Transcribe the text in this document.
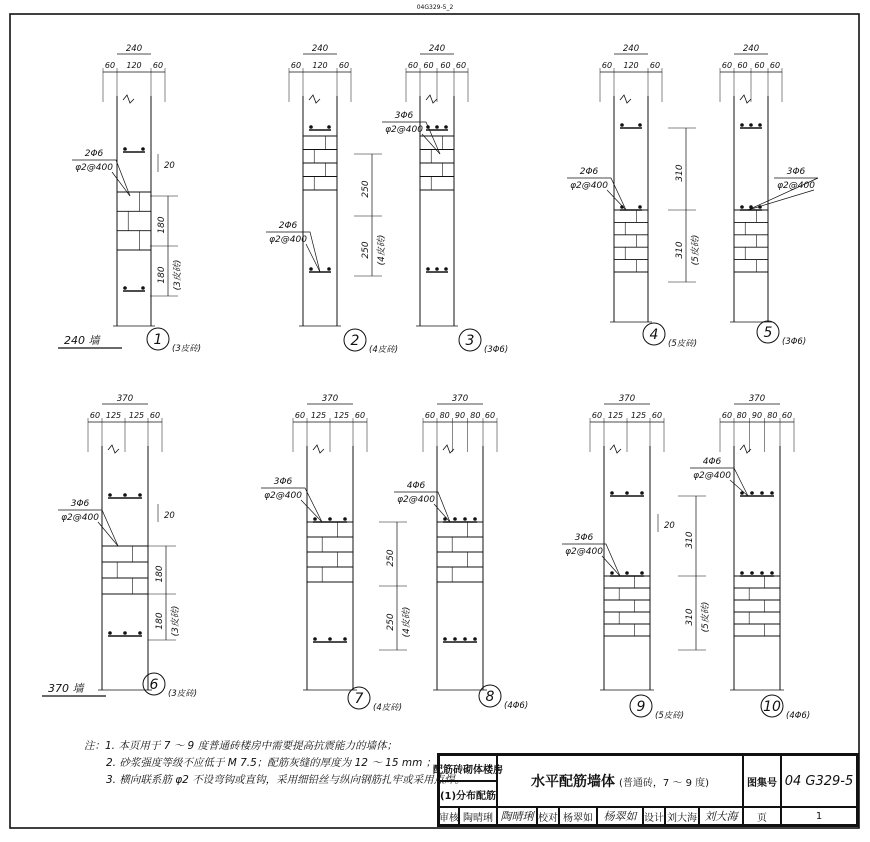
04G329-5_2
240
60 120 60
2Φ6
φ2@400
180
180 (3皮砖)
20
240 墙	1
(3皮砖)
240
60 120 60
2Φ6
φ2@400
250
250 (4皮砖)
2
(4皮砖)
240
60 60 60 60
3Φ6
φ2@400
3
(3Φ6)
240
60 120 60
2Φ6
φ2@400
310
310 (5皮砖)
4
(5皮砖)
240
60 60 60 60
3Φ6
φ2@400
5
(3Φ6)
370
60 125 125 60
3Φ6
φ2@400
180
180 (3皮砖)
20
370 墙	6
(3皮砖)
370
60 125 125 60
3Φ6
φ2@400
250
250 (4皮砖)
7
(4皮砖)
370
60 80 90 80 60
4Φ6
φ2@400
8
(4Φ6)
370
60 125 125 60
3Φ6
φ2@400
310
310 (5皮砖)
20
9
(5皮砖)
370
60 80 90 80 60
4Φ6
φ2@400
10
(4Φ6)
注：1. 本页用于 7 ～ 9 度普通砖楼房中需要提高抗震能力的墙体；
2. 砂浆强度等级不应低于 M 7.5；配筋灰缝的厚度为 12 ～ 15 mm ；
3. 横向联系筋 φ2 不设弯钩或直钩，采用细铅丝与纵向钢筋扎牢或采用点焊。
配筋砖砌体楼房
(1)分布配筋
水平配筋墙体 (普通砖，7 ～ 9 度)	图集号 04 G329-5
审核 陶晴琍 陶晴琍 校对 杨翠如 杨翠如 设计 刘大海 刘大海	页	1
